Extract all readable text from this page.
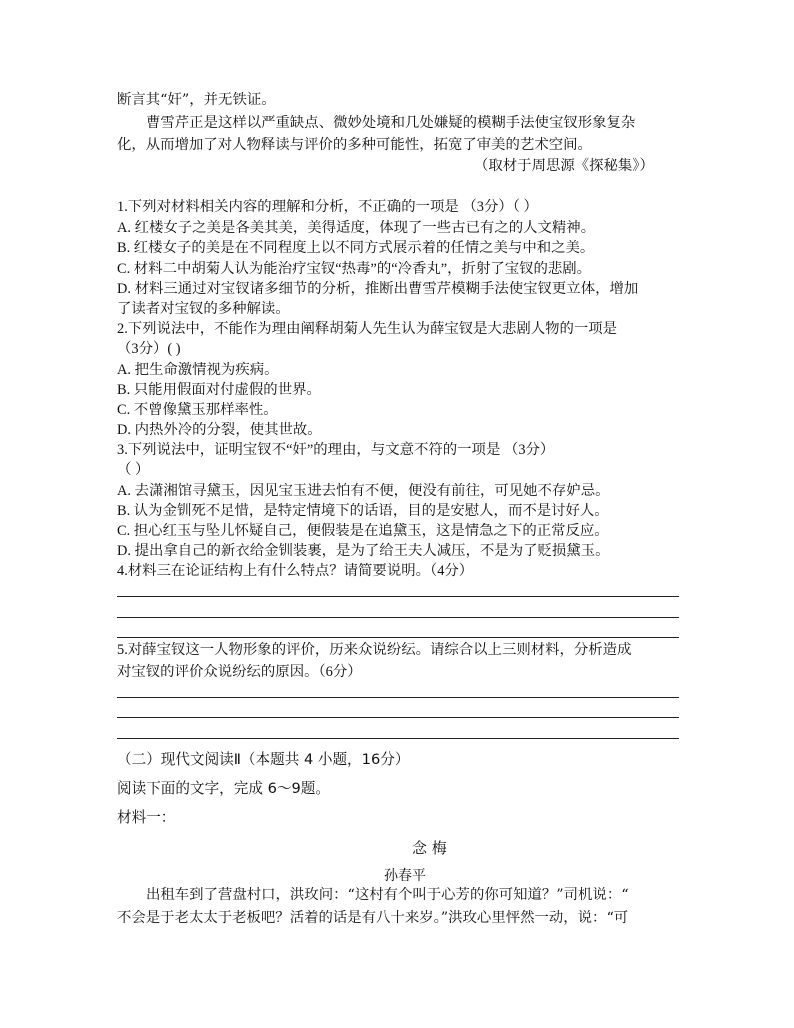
断言其“奸”，并无铁证。
曹雪芹正是这样以严重缺点、微妙处境和几处嫌疑的模糊手法使宝钗形象复杂
化，从而增加了对人物释读与评价的多种可能性，拓宽了审美的艺术空间。
（取材于周思源《探秘集》）
1.下列对材料相关内容的理解和分析，不正确的一项是 （3分）（ ）
A. 红楼女子之美是各美其美，美得适度，体现了一些古已有之的人文精神。
B. 红楼女子的美是在不同程度上以不同方式展示着的任情之美与中和之美。
C. 材料二中胡菊人认为能治疗宝钗“热毒”的“冷香丸”，折射了宝钗的悲剧。
D. 材料三通过对宝钗诸多细节的分析，推断出曹雪芹模糊手法使宝钗更立体，增加
了读者对宝钗的多种解读。
2.下列说法中，不能作为理由阐释胡菊人先生认为薛宝钗是大悲剧人物的一项是
（3分）( )
A. 把生命激情视为疾病。
B. 只能用假面对付虚假的世界。
C. 不曾像黛玉那样率性。
D. 内热外冷的分裂，使其世故。
3.下列说法中，证明宝钗不“奸”的理由，与文意不符的一项是 （3分）
（ ）
A. 去潇湘馆寻黛玉，因见宝玉进去怕有不便，便没有前往，可见她不存妒忌。
B. 认为金钏死不足惜，是特定情境下的话语，目的是安慰人，而不是讨好人。
C. 担心红玉与坠儿怀疑自己，便假装是在追黛玉，这是情急之下的正常反应。
D. 提出拿自己的新衣给金钏装裹，是为了给王夫人减压，不是为了贬损黛玉。
4.材料三在论证结构上有什么特点？请简要说明。（4分）
5.对薛宝钗这一人物形象的评价，历来众说纷纭。请综合以上三则材料，分析造成
对宝钗的评价众说纷纭的原因。（6分）
（二）现代文阅读Ⅱ（本题共 4 小题，16分）
阅读下面的文字，完成 6～9题。
材料一：
念 梅
孙春平
出租车到了营盘村口，洪玫问：“这村有个叫于心芳的你可知道？”司机说：“
不会是于老太太于老板吧？活着的话是有八十来岁。”洪玫心里怦然一动，说：“可
